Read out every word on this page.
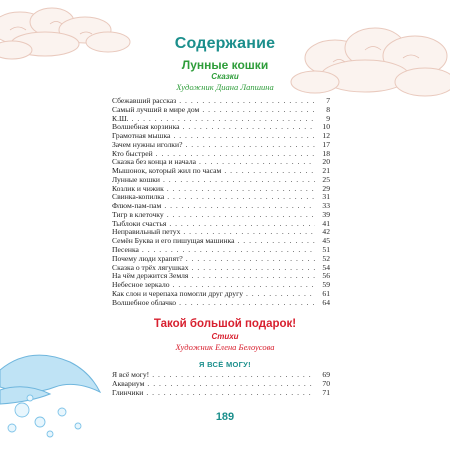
Содержание
Лунные кошки
Сказки
Художник Диана Лапшина
Сбежавший рассказ . . .	7
Самый лучший в мире дом . . .	8
К.Ш. . . .	9
Волшебная корзинка . . .	10
Грамотная мышка . . .	12
Зачем нужны иголки? . . .	17
Кто быстрей . . .	18
Сказка без конца и начала . . .	20
Мышонок, который жил по часам . . .	21
Лунные кошки . . .	25
Козлик и чижик . . .	29
Свинка-копилка . . .	31
Флюм-пам-пам . . .	33
Тигр в клеточку . . .	39
Тыблоки счастья . . .	41
Неправильный петух . . .	42
Семён Буква и его пишущая машинка . . .	45
Песенка . . .	51
Почему люди храпят? . . .	52
Сказка о трёх лягушках . . .	54
На чём держится Земля . . .	56
Небесное зеркало . . .	59
Как слон и черепаха помогли друг другу . . .	61
Волшебное облачко . . .	64
Такой большой подарок!
Стихи
Художник Елена Белоусова
Я ВСЁ МОГУ!
Я всё могу! . . .	69
Аквариум . . .	70
Глинчики . . .	71
189
